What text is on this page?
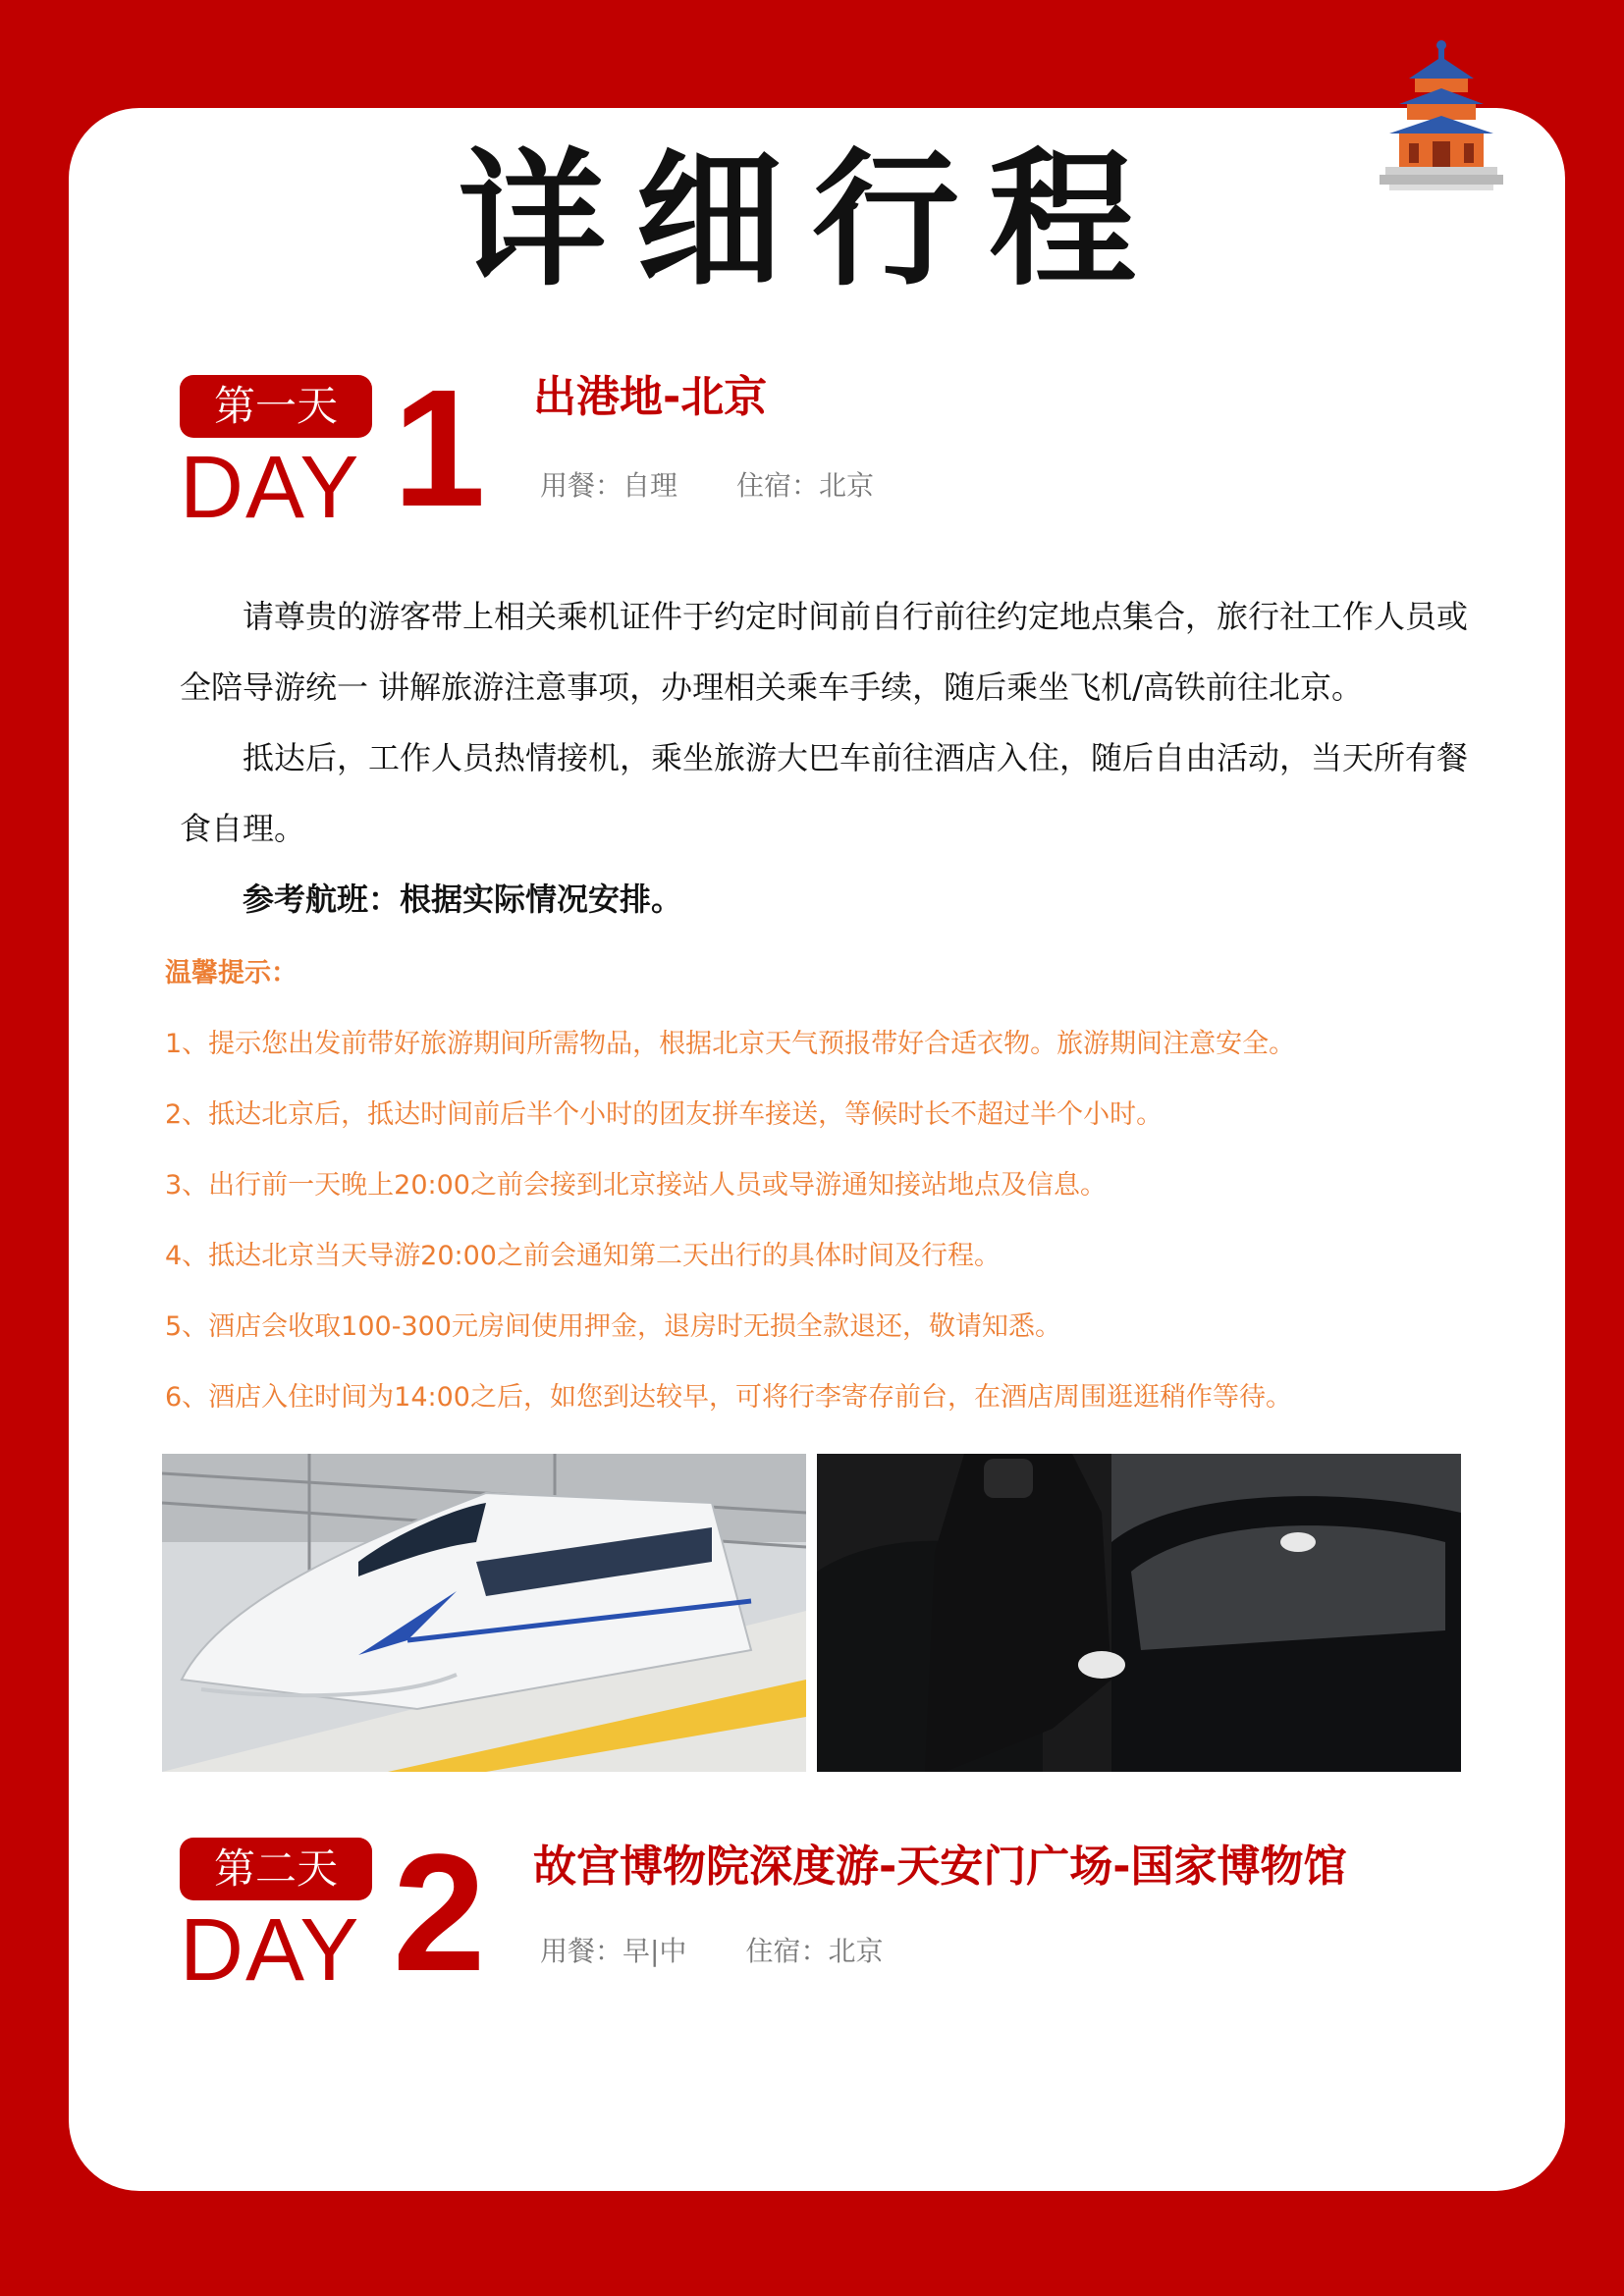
详细行程
第一天
DAY 1 出港地-北京
用餐：自理 住宿：北京

请尊贵的游客带上相关乘机证件于约定时间前自行前往约定地点集合，旅行社工作人员或全陪导游统一 讲解旅游注意事项，办理相关乘车手续，随后乘坐飞机/高铁前往北京。

抵达后，工作人员热情接机，乘坐旅游大巴车前往酒店入住，随后自由活动，当天所有餐食自理。

参考航班：根据实际情况安排。

温馨提示：
1、提示您出发前带好旅游期间所需物品，根据北京天气预报带好合适衣物。旅游期间注意安全。
2、抵达北京后，抵达时间前后半个小时的团友拼车接送，等候时长不超过半个小时。
3、出行前一天晚上20:00之前会接到北京接站人员或导游通知接站地点及信息。
4、抵达北京当天导游20:00之前会通知第二天出行的具体时间及行程。
5、酒店会收取100-300元房间使用押金，退房时无损全款退还，敬请知悉。
6、酒店入住时间为14:00之后，如您到达较早，可将行李寄存前台，在酒店周围逛逛稍作等待。
第二天
DAY 2 故宫博物院深度游-天安门广场-国家博物馆
用餐：早|中 住宿：北京
